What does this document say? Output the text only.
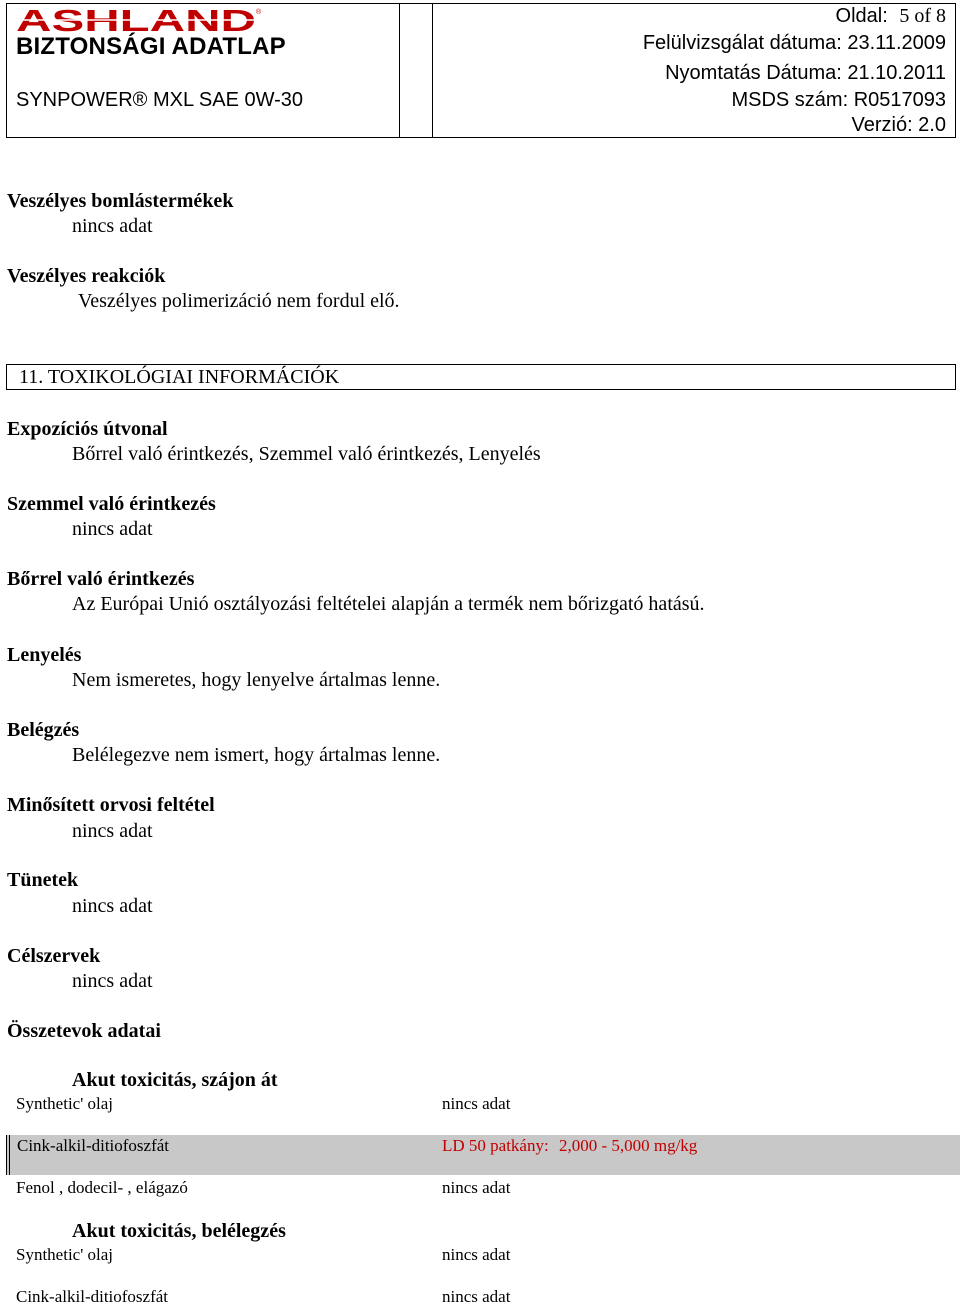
ASHLAND ®
BIZTONSÁGI ADATLAP
SYNPOWER® MXL SAE 0W-30
Oldal: 5 of 8
Felülvizsgálat dátuma: 23.11.2009
Nyomtatás Dátuma: 21.10.2011
MSDS szám: R0517093
Verzió: 2.0
Veszélyes bomlástermékek
nincs adat
Veszélyes reakciók
Veszélyes polimerizáció nem fordul elő.
11. TOXIKOLÓGIAI INFORMÁCIÓK
Expozíciós útvonal
Bőrrel való érintkezés, Szemmel való érintkezés, Lenyelés
Szemmel való érintkezés
nincs adat
Bőrrel való érintkezés
Az Európai Unió osztályozási feltételei alapján a termék nem bőrizgató hatású.
Lenyelés
Nem ismeretes, hogy lenyelve ártalmas lenne.
Belégzés
Belélegezve nem ismert, hogy ártalmas lenne.
Minősített orvosi feltétel
nincs adat
Tünetek
nincs adat
Célszervek
nincs adat
Összetevok adatai
Akut toxicitás, szájon át
Synthetic' olaj	nincs adat
Cink-alkil-ditiofoszfát	LD 50 patkány: 2,000 - 5,000 mg/kg
Fenol , dodecil- , elágazó	nincs adat
Akut toxicitás, belélegzés
Synthetic' olaj	nincs adat
Cink-alkil-ditiofoszfát	nincs adat
